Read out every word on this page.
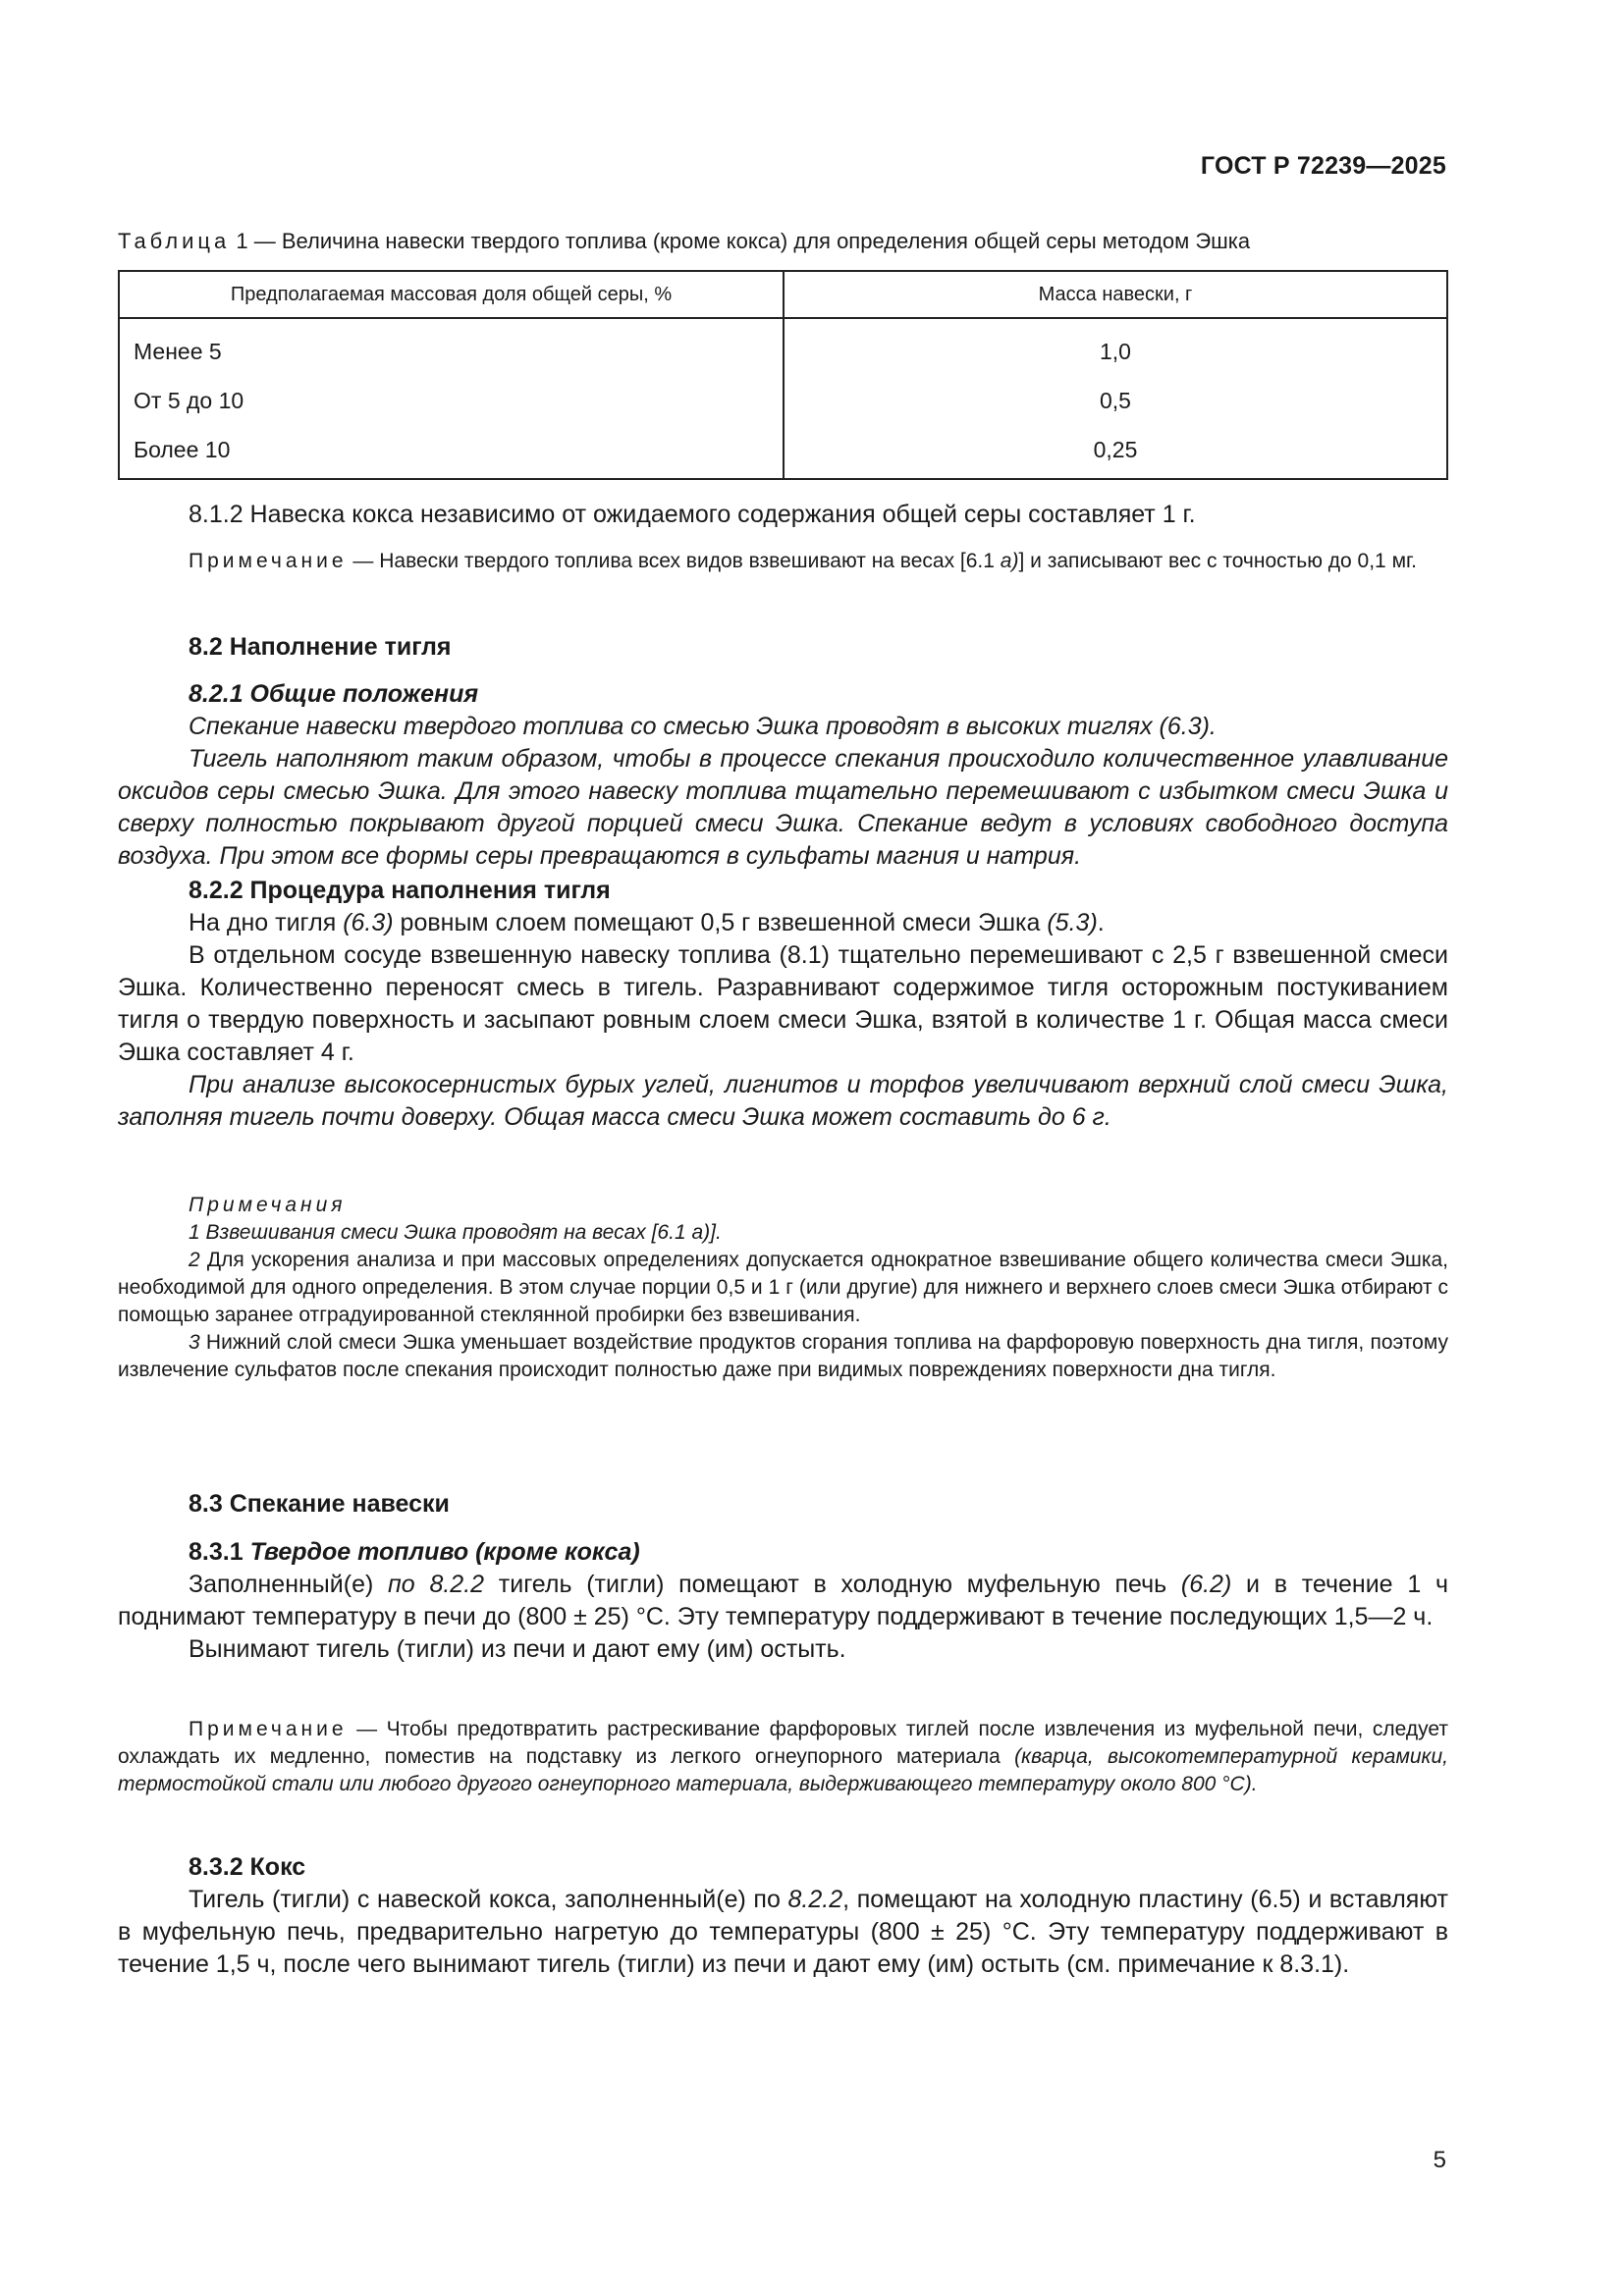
ГОСТ Р 72239—2025
Таблица 1 — Величина навески твердого топлива (кроме кокса) для определения общей серы методом Эшка
Предполагаемая массовая доля общей серы, %	Масса навески, г
Менее 5	1,0
От 5 до 10	0,5
Более 10	0,25

8.1.2 Навеска кокса независимо от ожидаемого содержания общей серы составляет 1 г.

Примечание — Навески твердого топлива всех видов взвешивают на весах [6.1 а)] и записывают вес с точностью до 0,1 мг.

8.2 Наполнение тигля
8.2.1 Общие положения

Спекание навески твердого топлива со смесью Эшка проводят в высоких тиглях (6.3).

Тигель наполняют таким образом, чтобы в процессе спекания происходило количественное улавливание оксидов серы смесью Эшка. Для этого навеску топлива тщательно перемешивают с избытком смеси Эшка и сверху полностью покрывают другой порцией смеси Эшка. Спекание ведут в условиях свободного доступа воздуха. При этом все формы серы превращаются в сульфаты магния и натрия.

8.2.2 Процедура наполнения тигля

На дно тигля (6.3) ровным слоем помещают 0,5 г взвешенной смеси Эшка (5.3).

В отдельном сосуде взвешенную навеску топлива (8.1) тщательно перемешивают с 2,5 г взвешенной смеси Эшка. Количественно переносят смесь в тигель. Разравнивают содержимое тигля осторожным постукиванием тигля о твердую поверхность и засыпают ровным слоем смеси Эшка, взятой в количестве 1 г. Общая масса смеси Эшка составляет 4 г.

При анализе высокосернистых бурых углей, лигнитов и торфов увеличивают верхний слой смеси Эшка, заполняя тигель почти доверху. Общая масса смеси Эшка может составить до 6 г.

Примечания

1 Взвешивания смеси Эшка проводят на весах [6.1 а)].

2 Для ускорения анализа и при массовых определениях допускается однократное взвешивание общего количества смеси Эшка, необходимой для одного определения. В этом случае порции 0,5 и 1 г (или другие) для нижнего и верхнего слоев смеси Эшка отбирают с помощью заранее отградуированной стеклянной пробирки без взвешивания.

3 Нижний слой смеси Эшка уменьшает воздействие продуктов сгорания топлива на фарфоровую поверхность дна тигля, поэтому извлечение сульфатов после спекания происходит полностью даже при видимых повреждениях поверхности дна тигля.

8.3 Спекание навески
8.3.1 Твердое топливо (кроме кокса)

Заполненный(е) по 8.2.2 тигель (тигли) помещают в холодную муфельную печь (6.2) и в течение 1 ч поднимают температуру в печи до (800 ± 25) °С. Эту температуру поддерживают в течение последующих 1,5—2 ч.

Вынимают тигель (тигли) из печи и дают ему (им) остыть.

Примечание — Чтобы предотвратить растрескивание фарфоровых тиглей после извлечения из муфельной печи, следует охлаждать их медленно, поместив на подставку из легкого огнеупорного материала (кварца, высокотемпературной керамики, термостойкой стали или любого другого огнеупорного материала, выдерживающего температуру около 800 °С).

8.3.2 Кокс

Тигель (тигли) с навеской кокса, заполненный(е) по 8.2.2, помещают на холодную пластину (6.5) и вставляют в муфельную печь, предварительно нагретую до температуры (800 ± 25) °С. Эту температуру поддерживают в течение 1,5 ч, после чего вынимают тигель (тигли) из печи и дают ему (им) остыть (см. примечание к 8.3.1).

5
